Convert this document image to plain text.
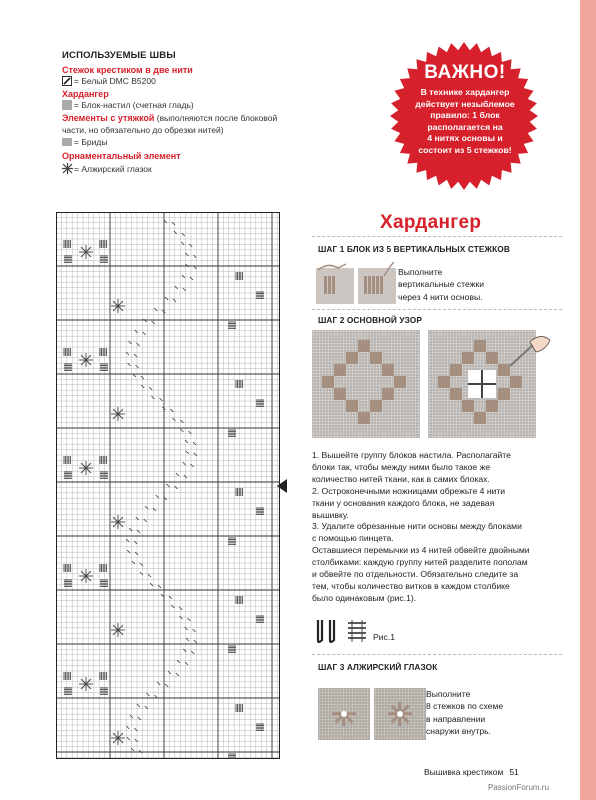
ИСПОЛЬЗУЕМЫЕ ШВЫ
Стежок крестиком в две нити
= Белый DMC B5200
Хардангер
= Блок-настил (счетная гладь)
Элементы с утяжкой (выполняются после блоковой
части, но обязательно до обрезки нитей)
= Бриды
Орнаментальный элемент
= Алжирский глазок
ВАЖНО!
В технике хардангер
действует незыблемое
правило: 1 блок
располагается на
4 нитях основы и
состоит из 5 стежков!
Хардангер
ШАГ 1 БЛОК ИЗ 5 ВЕРТИКАЛЬНЫХ СТЕЖКОВ
Выполните
вертикальные стежки
через 4 нити основы.
ШАГ 2 ОСНОВНОЙ УЗОР
1. Вышейте группу блоков настила. Располагайте
блоки так, чтобы между ними было такое же
количество нитей ткани, как в самих блоках.
2. Остроконечными ножницами обрежьте 4 нити
ткани у основания каждого блока, не задевая
вышивку.
3. Удалите обрезанные нити основы между блоками
с помощью пинцета.
Оставшиеся перемычки из 4 нитей обвейте двойными
столбиками: каждую группу нитей разделите пополам
и обвейте по отдельности. Обязательно следите за
тем, чтобы количество витков в каждом столбике
было одинаковым (рис.1).
Рис.1
ШАГ 3 АЛЖИРСКИЙ ГЛАЗОК
Выполните
8 стежков по схеме
в направлении
снаружи внутрь.
Вышивка крестиком 51
PassionForum.ru
